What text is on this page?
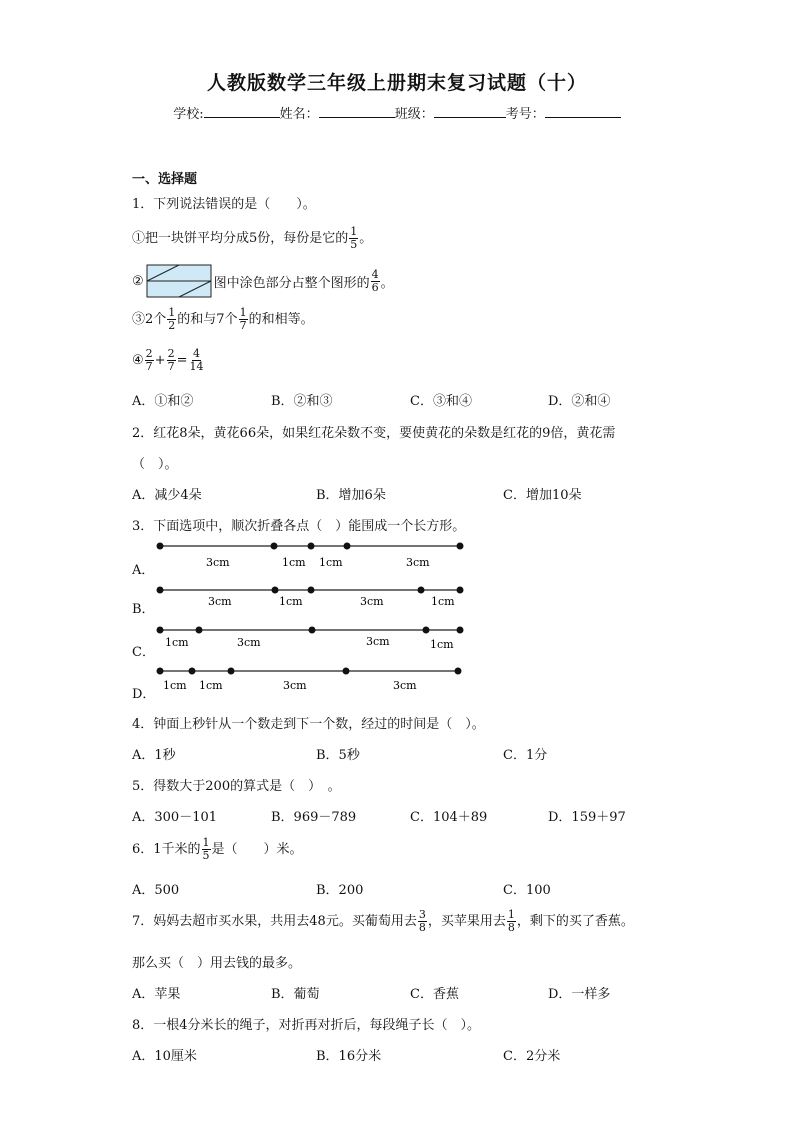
人教版数学三年级上册期末复习试题（十）
学校:	姓名：	班级：	考号：
一、选择题
1．下列说法错误的是（　　）。
①把一块饼平均分成5份，每份是它的 $\frac{1}{5}$ 。
②	图中涂色部分占整个图形的 $\frac{4}{6}$ 。
③2个 $\frac{1}{2}$ 的和与7个 $\frac{1}{7}$ 的和相等。
④ $\frac{2}{7} + \frac{2}{7} = \frac{4}{14}$
A．①和②	B．②和③	C．③和④	D．②和④
2．红花8朵，黄花66朵，如果红花朵数不变，要使黄花的朵数是红花的9倍，黄花需
（　）。
A．减少4朵	B．增加6朵	C．增加10朵
3．下面选项中，顺次折叠各点（　）能围成一个长方形。
A．
B．
C．
D．
3cm	1cm 1cm	3cm
3cm	1cm	3cm	1cm
1cm	3cm	3cm	1cm
1cm 1cm	3cm	3cm
4．钟面上秒针从一个数走到下一个数，经过的时间是（　）。
A．1秒	B．5秒	C．1分
5．得数大于200的算式是（　）　。
A．300－101	B．969－789	C．104＋89	D．159＋97
6．1千米的 $\frac{1}{5}$ 是（　　）米。
A．500	B．200	C．100
7．妈妈去超市买水果，共用去48元。买葡萄用去 $\frac{3}{8}$ ，买苹果用去 $\frac{1}{8}$ ，剩下的买了香蕉。
那么买（　）用去钱的最多。
A．苹果	B．葡萄	C．香蕉	D．一样多
8．一根4分米长的绳子，对折再对折后，每段绳子长（　）。
A．10厘米	B．16分米	C．2分米
